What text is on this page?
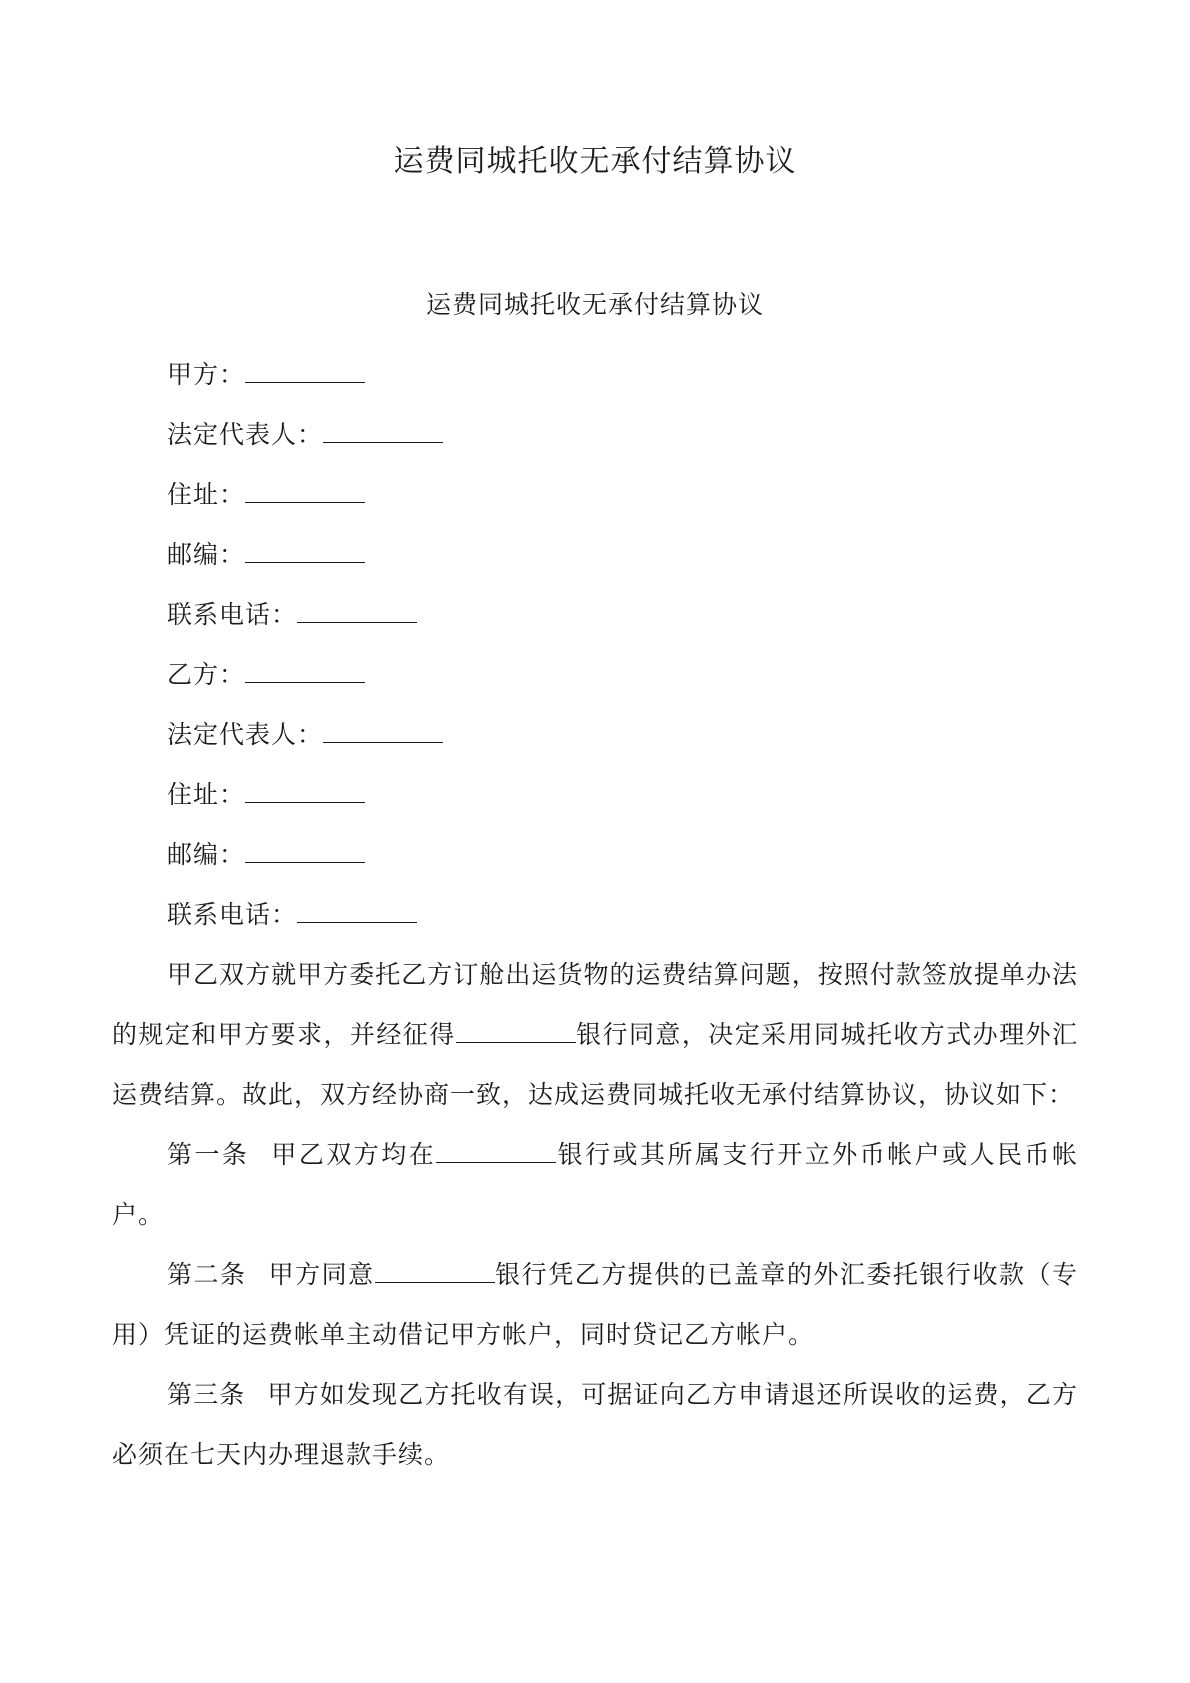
运费同城托收无承付结算协议
运费同城托收无承付结算协议
甲方：
法定代表人：
住址：
邮编：
联系电话：
乙方：
法定代表人：
住址：
邮编：
联系电话：

甲乙双方就甲方委托乙方订舱出运货物的运费结算问题，按照付款签放提单办法的规定和甲方要求，并经征得	银行同意，决定采用同城托收方式办理外汇运费结算。故此，双方经协商一致，达成运费同城托收无承付结算协议，协议如下：

第一条 甲乙双方均在	银行或其所属支行开立外币帐户或人民币帐户。

第二条 甲方同意	银行凭乙方提供的已盖章的外汇委托银行收款（专用）凭证的运费帐单主动借记甲方帐户，同时贷记乙方帐户。

第三条 甲方如发现乙方托收有误，可据证向乙方申请退还所误收的运费，乙方必须在七天内办理退款手续。
